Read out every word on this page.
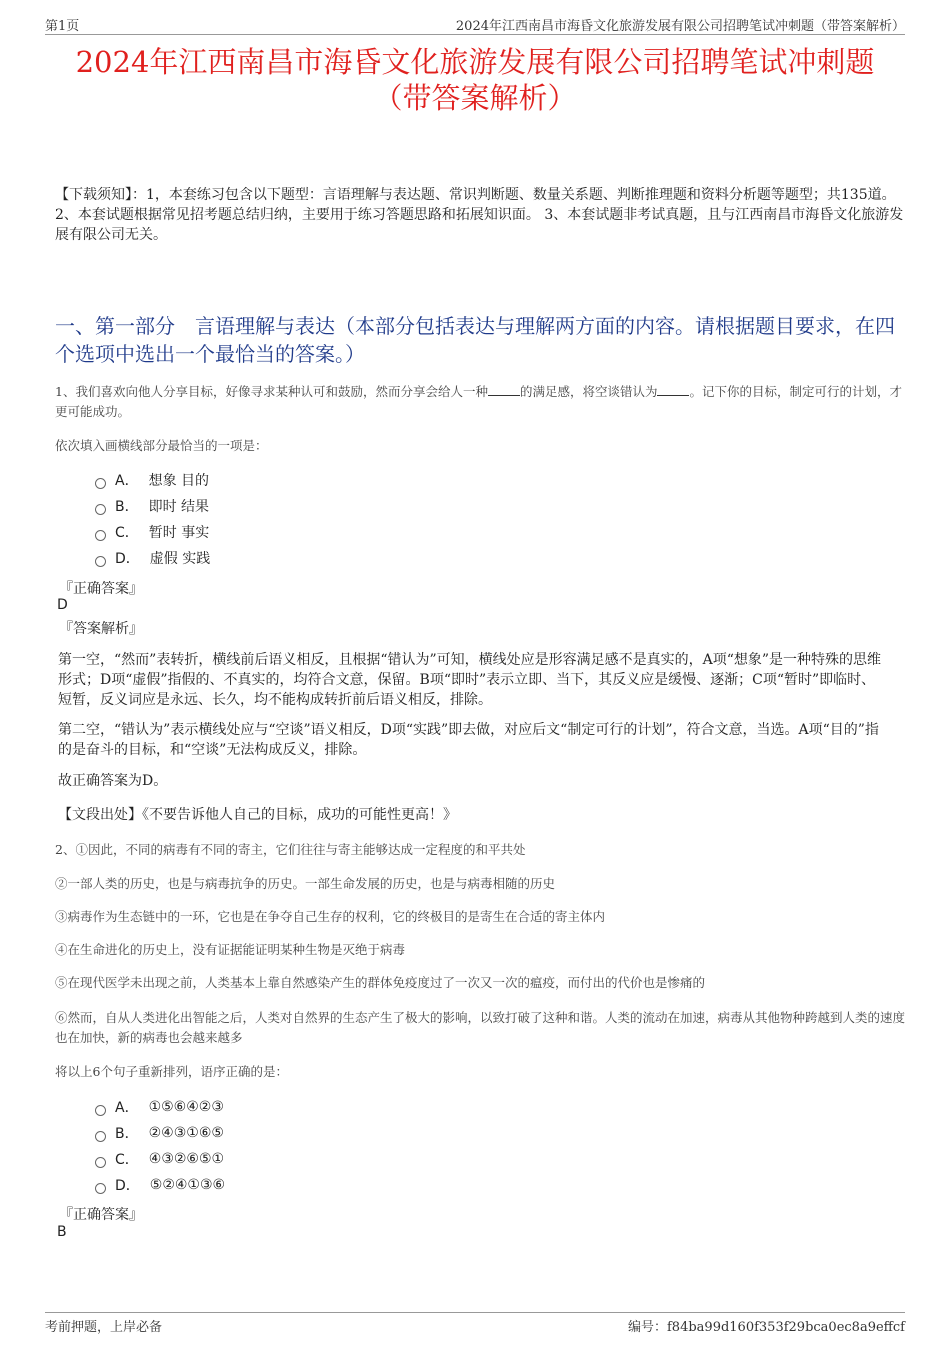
第1页	2024年江西南昌市海昏文化旅游发展有限公司招聘笔试冲刺题（带答案解析）
2024年江西南昌市海昏文化旅游发展有限公司招聘笔试冲刺题
（带答案解析）
【下载须知】：1，本套练习包含以下题型：言语理解与表达题、常识判断题、数量关系题、判断推理题和资料分析题等题型；共135道。 2、本套试题根据常见招考题总结归纳，主要用于练习答题思路和拓展知识面。 3、本套试题非考试真题，且与江西南昌市海昏文化旅游发展有限公司无关。
一、第一部分　言语理解与表达（本部分包括表达与理解两方面的内容。请根据题目要求，在四个选项中选出一个最恰当的答案。）
1、我们喜欢向他人分享目标，好像寻求某种认可和鼓励，然而分享会给人一种	的满足感，将空谈错认为	。记下你的目标，制定可行的计划，才更可能成功。
依次填入画横线部分最恰当的一项是：
A． 想象 目的
B． 即时 结果
C． 暂时 事实
D． 虚假 实践
『正确答案』
D
『答案解析』
第一空，“然而”表转折，横线前后语义相反，且根据“错认为”可知，横线处应是形容满足感不是真实的，A项“想象”是一种特殊的思维形式；D项“虚假”指假的、不真实的，均符合文意，保留。B项“即时”表示立即、当下，其反义应是缓慢、逐渐；C项“暂时”即临时、短暂，反义词应是永远、长久，均不能构成转折前后语义相反，排除。
第二空，“错认为”表示横线处应与“空谈”语义相反，D项“实践”即去做，对应后文“制定可行的计划”，符合文意，当选。A项“目的”指的是奋斗的目标，和“空谈”无法构成反义，排除。
故正确答案为D。
【文段出处】《不要告诉他人自己的目标，成功的可能性更高！》
2、①因此，不同的病毒有不同的寄主，它们往往与寄主能够达成一定程度的和平共处
②一部人类的历史，也是与病毒抗争的历史。一部生命发展的历史，也是与病毒相随的历史
③病毒作为生态链中的一环，它也是在争夺自己生存的权利，它的终极目的是寄生在合适的寄主体内
④在生命进化的历史上，没有证据能证明某种生物是灭绝于病毒
⑤在现代医学未出现之前，人类基本上靠自然感染产生的群体免疫度过了一次又一次的瘟疫，而付出的代价也是惨痛的
⑥然而，自从人类进化出智能之后，人类对自然界的生态产生了极大的影响，以致打破了这种和谐。人类的流动在加速，病毒从其他物种跨越到人类的速度也在加快，新的病毒也会越来越多
将以上6个句子重新排列，语序正确的是：
A． ①⑤⑥④②③
B． ②④③①⑥⑤
C． ④③②⑥⑤①
D． ⑤②④①③⑥
『正确答案』
B
考前押题，上岸必备	编号：f84ba99d160f353f29bca0ec8a9effcf
